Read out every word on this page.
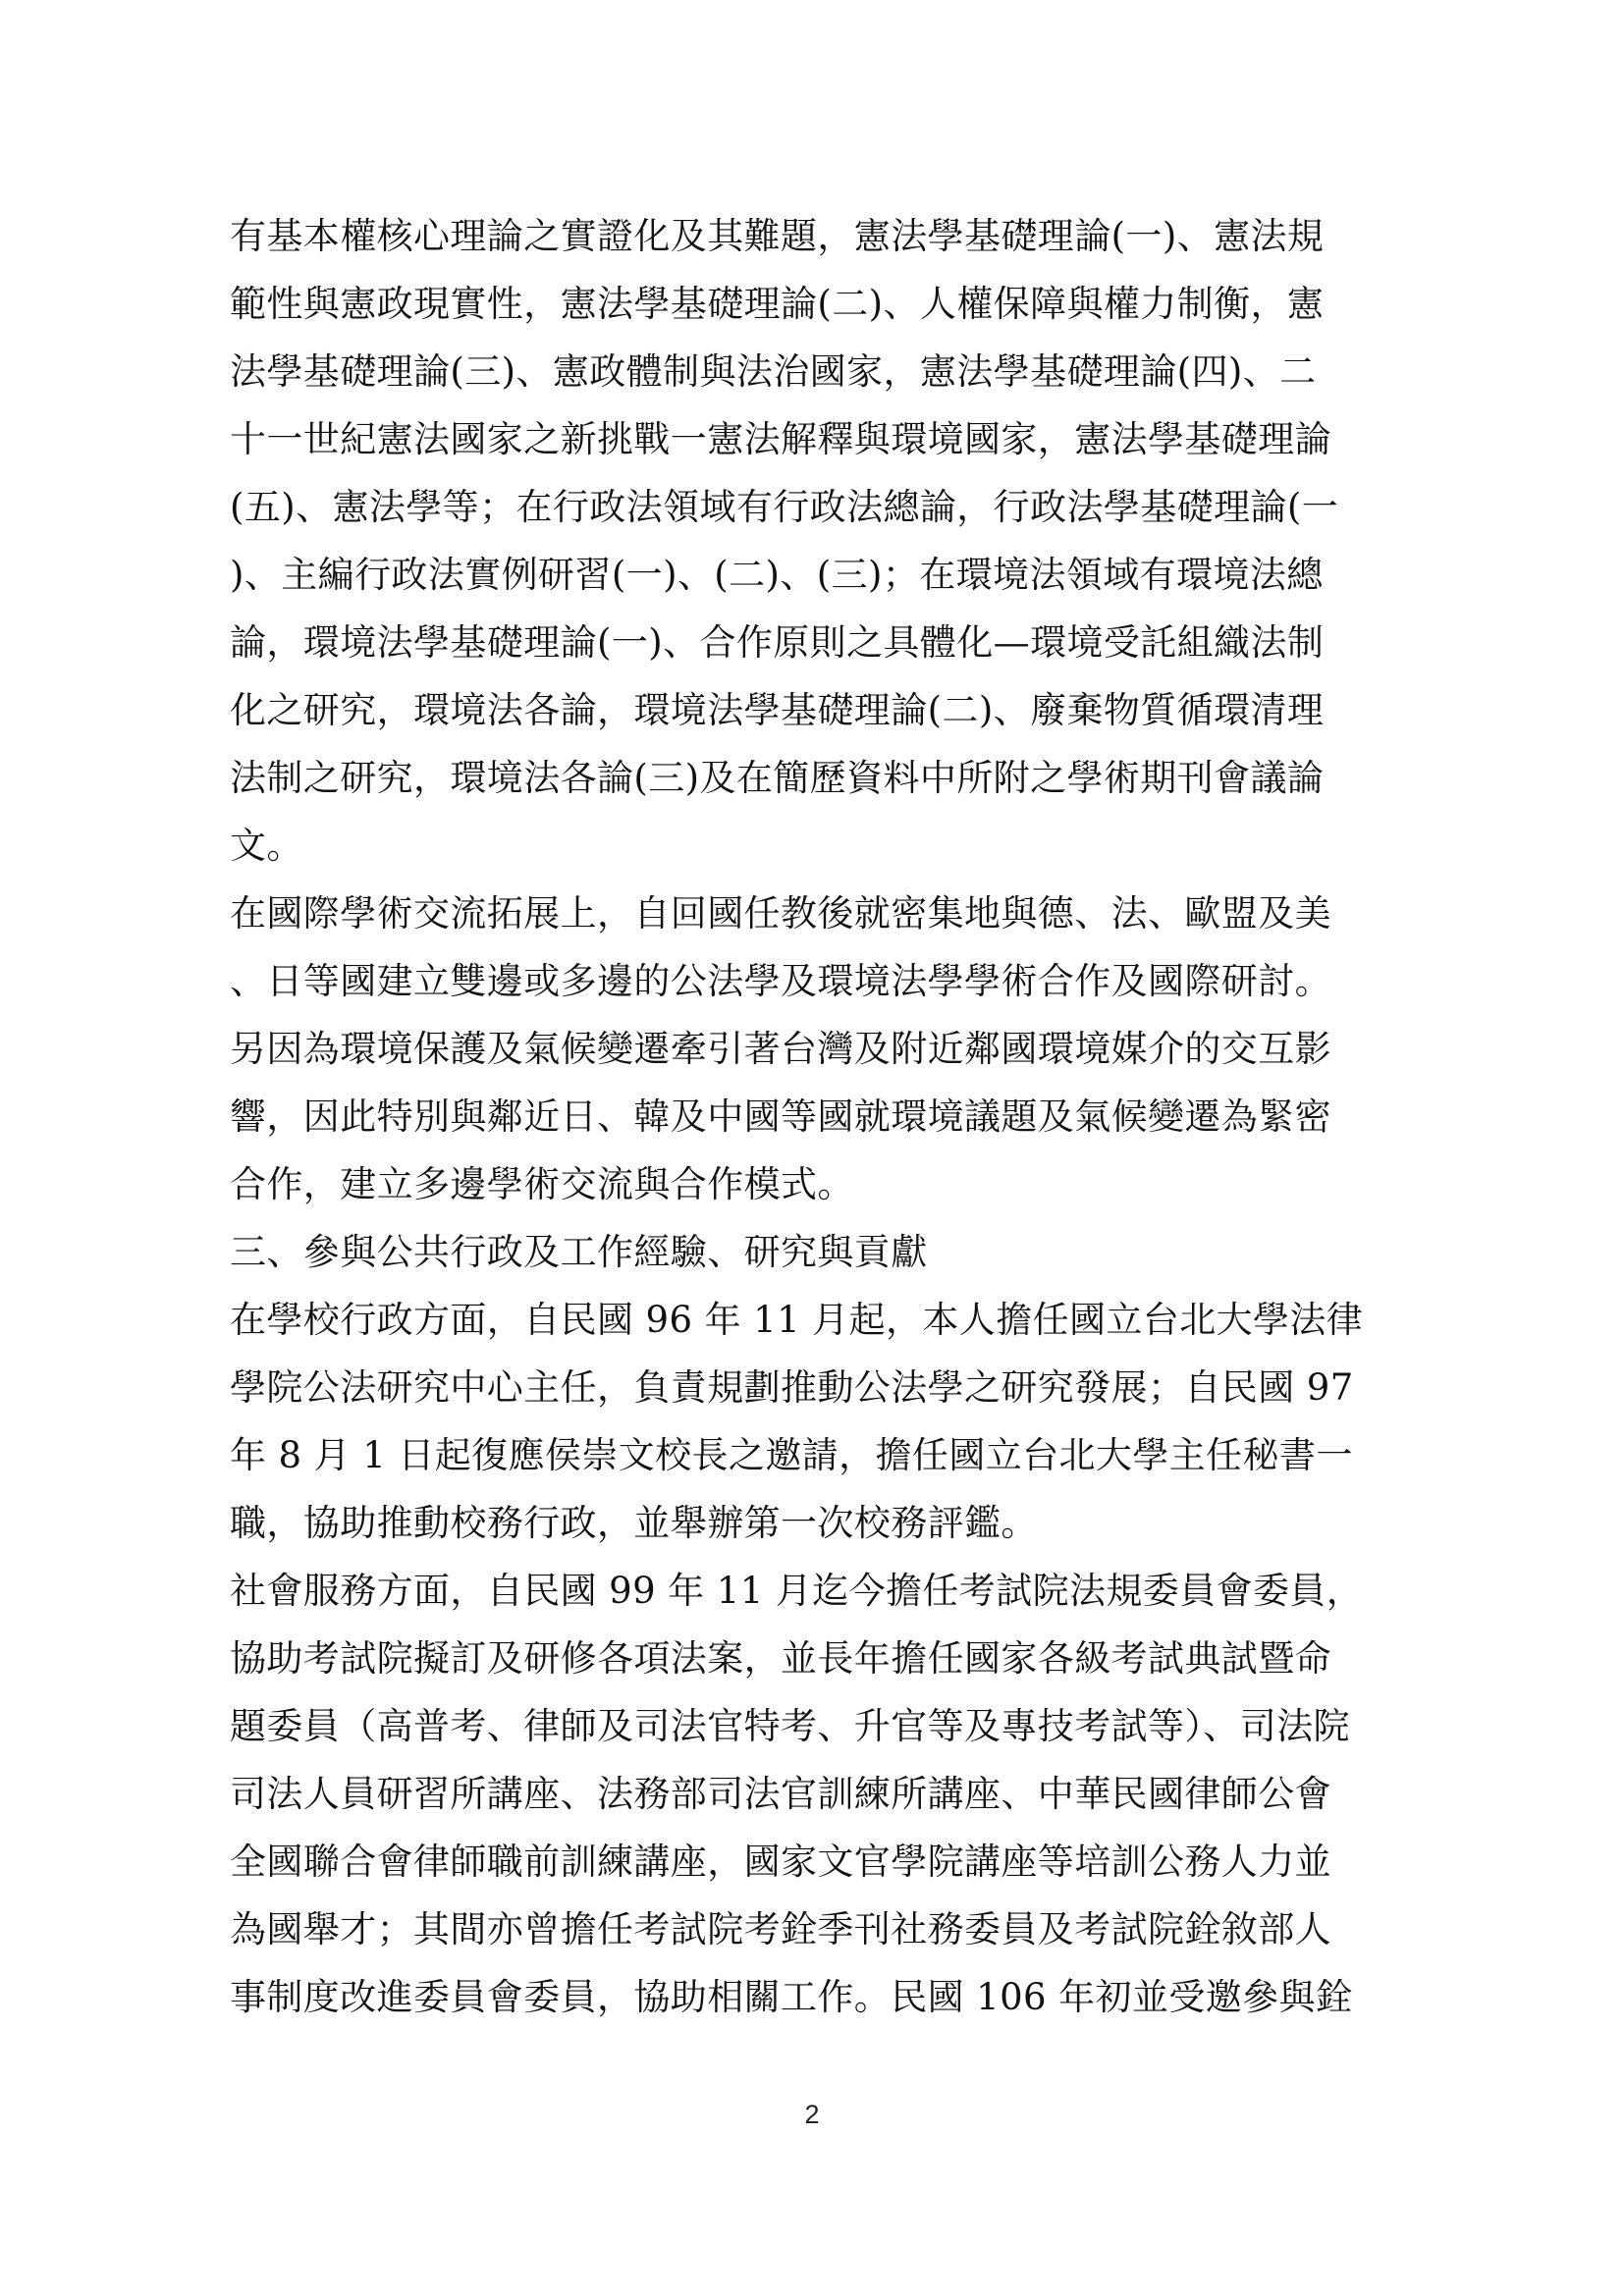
有基本權核心理論之實證化及其難題，憲法學基礎理論(一)、憲法規
範性與憲政現實性，憲法學基礎理論(二)、人權保障與權力制衡，憲
法學基礎理論(三)、憲政體制與法治國家，憲法學基礎理論(四)、二
十一世紀憲法國家之新挑戰一憲法解釋與環境國家，憲法學基礎理論
(五)、憲法學等；在行政法領域有行政法總論，行政法學基礎理論(一
)、主編行政法實例研習(一)、(二)、(三)；在環境法領域有環境法總
論，環境法學基礎理論(一)、合作原則之具體化—環境受託組織法制
化之研究，環境法各論，環境法學基礎理論(二)、廢棄物質循環清理
法制之研究，環境法各論(三)及在簡歷資料中所附之學術期刊會議論
文。
在國際學術交流拓展上，自回國任教後就密集地與德、法、歐盟及美
、日等國建立雙邊或多邊的公法學及環境法學學術合作及國際研討。
另因為環境保護及氣候變遷牽引著台灣及附近鄰國環境媒介的交互影
響，因此特別與鄰近日、韓及中國等國就環境議題及氣候變遷為緊密
合作，建立多邊學術交流與合作模式。
三、參與公共行政及工作經驗、研究與貢獻
在學校行政方面，自民國 96 年 11 月起，本人擔任國立台北大學法律
學院公法研究中心主任，負責規劃推動公法學之研究發展；自民國 97
年 8 月 1 日起復應侯崇文校長之邀請，擔任國立台北大學主任秘書一
職，協助推動校務行政，並舉辦第一次校務評鑑。
社會服務方面，自民國 99 年 11 月迄今擔任考試院法規委員會委員，
協助考試院擬訂及研修各項法案，並長年擔任國家各級考試典試暨命
題委員（高普考、律師及司法官特考、升官等及專技考試等）、司法院
司法人員研習所講座、法務部司法官訓練所講座、中華民國律師公會
全國聯合會律師職前訓練講座，國家文官學院講座等培訓公務人力並
為國舉才；其間亦曾擔任考試院考銓季刊社務委員及考試院銓敘部人
事制度改進委員會委員，協助相關工作。民國 106 年初並受邀參與銓
2
